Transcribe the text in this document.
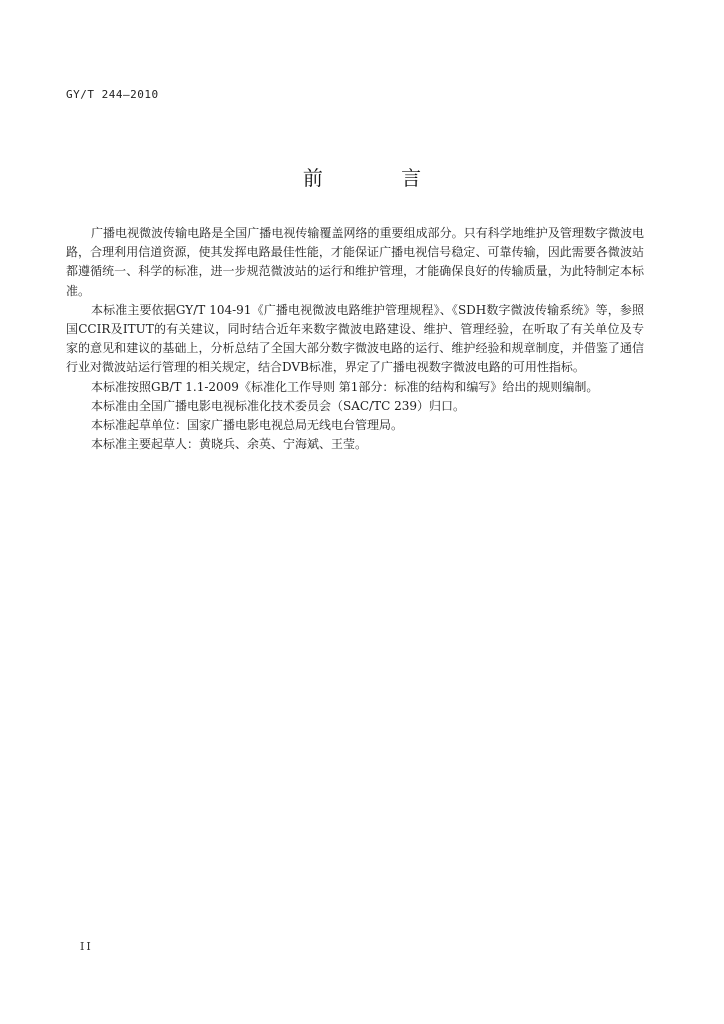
GY/T 244—2010
前 言

广播电视微波传输电路是全国广播电视传输覆盖网络的重要组成部分。只有科学地维护及管理数字微波电路，合理利用信道资源，使其发挥电路最佳性能，才能保证广播电视信号稳定、可靠传输，因此需要各微波站都遵循统一、科学的标准，进一步规范微波站的运行和维护管理，才能确保良好的传输质量，为此特制定本标准。

本标准主要依据GY/T 104-91《广播电视微波电路维护管理规程》、《SDH数字微波传输系统》等，参照国CCIR及ITUT的有关建议，同时结合近年来数字微波电路建设、维护、管理经验，在听取了有关单位及专家的意见和建议的基础上，分析总结了全国大部分数字微波电路的运行、维护经验和规章制度，并借鉴了通信行业对微波站运行管理的相关规定，结合DVB标准，界定了广播电视数字微波电路的可用性指标。

本标准按照GB/T 1.1-2009《标准化工作导则 第1部分：标准的结构和编写》给出的规则编制。

本标准由全国广播电影电视标准化技术委员会（SAC/TC 239）归口。

本标准起草单位：国家广播电影电视总局无线电台管理局。

本标准主要起草人：黄晓兵、余英、宁海斌、王莹。

II
